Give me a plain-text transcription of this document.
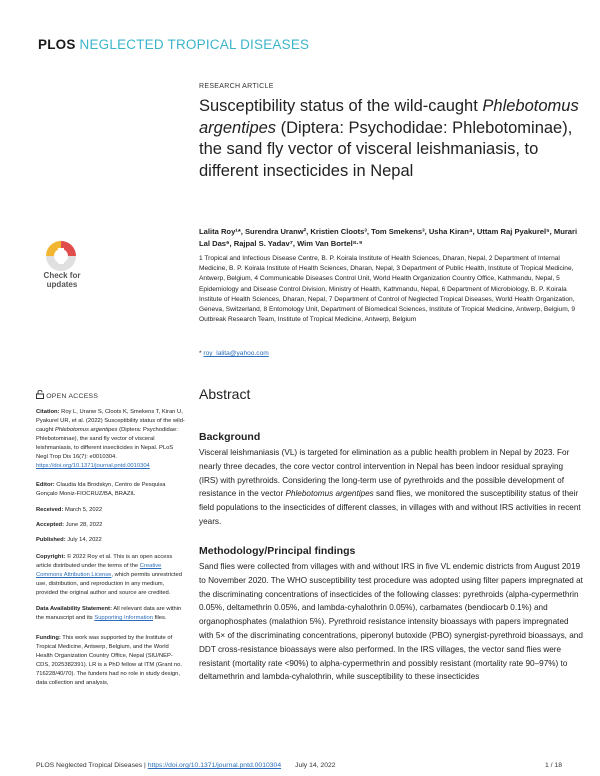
PLOS NEGLECTED TROPICAL DISEASES
RESEARCH ARTICLE
Susceptibility status of the wild-caught Phlebotomus argentipes (Diptera: Psychodidae: Phlebotominae), the sand fly vector of visceral leishmaniasis, to different insecticides in Nepal
Lalita Roy¹*, Surendra Uranw², Kristien Cloots³, Tom Smekens³, Usha Kiran⁴, Uttam Raj Pyakurel⁵, Murari Lal Das⁶, Rajpal S. Yadav⁷, Wim Van Bortel⁸·⁹
1 Tropical and Infectious Disease Centre, B. P. Koirala Institute of Health Sciences, Dharan, Nepal, 2 Department of Internal Medicine, B. P. Koirala Institute of Health Sciences, Dharan, Nepal, 3 Department of Public Health, Institute of Tropical Medicine, Antwerp, Belgium, 4 Communicable Diseases Control Unit, World Health Organization Country Office, Kathmandu, Nepal, 5 Epidemiology and Disease Control Division, Ministry of Health, Kathmandu, Nepal, 6 Department of Microbiology, B. P. Koirala Institute of Health Sciences, Dharan, Nepal, 7 Department of Control of Neglected Tropical Diseases, World Health Organization, Geneva, Switzerland, 8 Entomology Unit, Department of Biomedical Sciences, Institute of Tropical Medicine, Antwerp, Belgium, 9 Outbreak Research Team, Institute of Tropical Medicine, Antwerp, Belgium
* roy_lalita@yahoo.com
Abstract
Background
Visceral leishmaniasis (VL) is targeted for elimination as a public health problem in Nepal by 2023. For nearly three decades, the core vector control intervention in Nepal has been indoor residual spraying (IRS) with pyrethroids. Considering the long-term use of pyrethroids and the possible development of resistance in the vector Phlebotomus argentipes sand flies, we monitored the susceptibility status of their field populations to the insecticides of different classes, in villages with and without IRS activities in recent years.
Methodology/Principal findings
Sand flies were collected from villages with and without IRS in five VL endemic districts from August 2019 to November 2020. The WHO susceptibility test procedure was adopted using filter papers impregnated at the discriminating concentrations of insecticides of the following classes: pyrethroids (alpha-cypermethrin 0.05%, deltamethrin 0.05%, and lambda-cyhalothrin 0.05%), carbamates (bendiocarb 0.1%) and organophosphates (malathion 5%). Pyrethroid resistance intensity bioassays with papers impregnated with 5× of the discriminating concentrations, piperonyl butoxide (PBO) synergist-pyrethroid bioassays, and DDT cross-resistance bioassays were also performed. In the IRS villages, the vector sand flies were resistant (mortality rate <90%) to alpha-cypermethrin and possibly resistant (mortality rate 90–97%) to deltamethrin and lambda-cyhalothrin, while susceptibility to these insecticides
Check for
updates
OPEN ACCESS
Citation: Roy L, Uranw S, Cloots K, Smekens T, Kiran U, Pyakurel UR, et al. (2022) Susceptibility status of the wild-caught Phlebotomus argentipes (Diptera: Psychodidae: Phlebotominae), the sand fly vector of visceral leishmaniasis, to different insecticides in Nepal. PLoS Negl Trop Dis 16(7): e0010304. https://doi.org/10.1371/journal.pntd.0010304
Editor: Claudia Ida Brodskyn, Centro de Pesquisa Gonçalo Moniz-FIOCRUZ/BA, BRAZIL
Received: March 5, 2022
Accepted: June 28, 2022
Published: July 14, 2022
Copyright: © 2022 Roy et al. This is an open access article distributed under the terms of the Creative Commons Attribution License, which permits unrestricted use, distribution, and reproduction in any medium, provided the original author and source are credited.
Data Availability Statement: All relevant data are within the manuscript and its Supporting Information files.
Funding: This work was supported by the Institute of Tropical Medicine, Antwerp, Belgium, and the World Health Organization Country Office, Nepal (SIU/NEP-CDS, 2025382391). LR is a PhD fellow at ITM (Grant no. 716228/40/70). The funders had no role in study design, data collection and analysis,
PLOS Neglected Tropical Diseases | https://doi.org/10.1371/journal.pntd.0010304 July 14, 2022	1 / 18
